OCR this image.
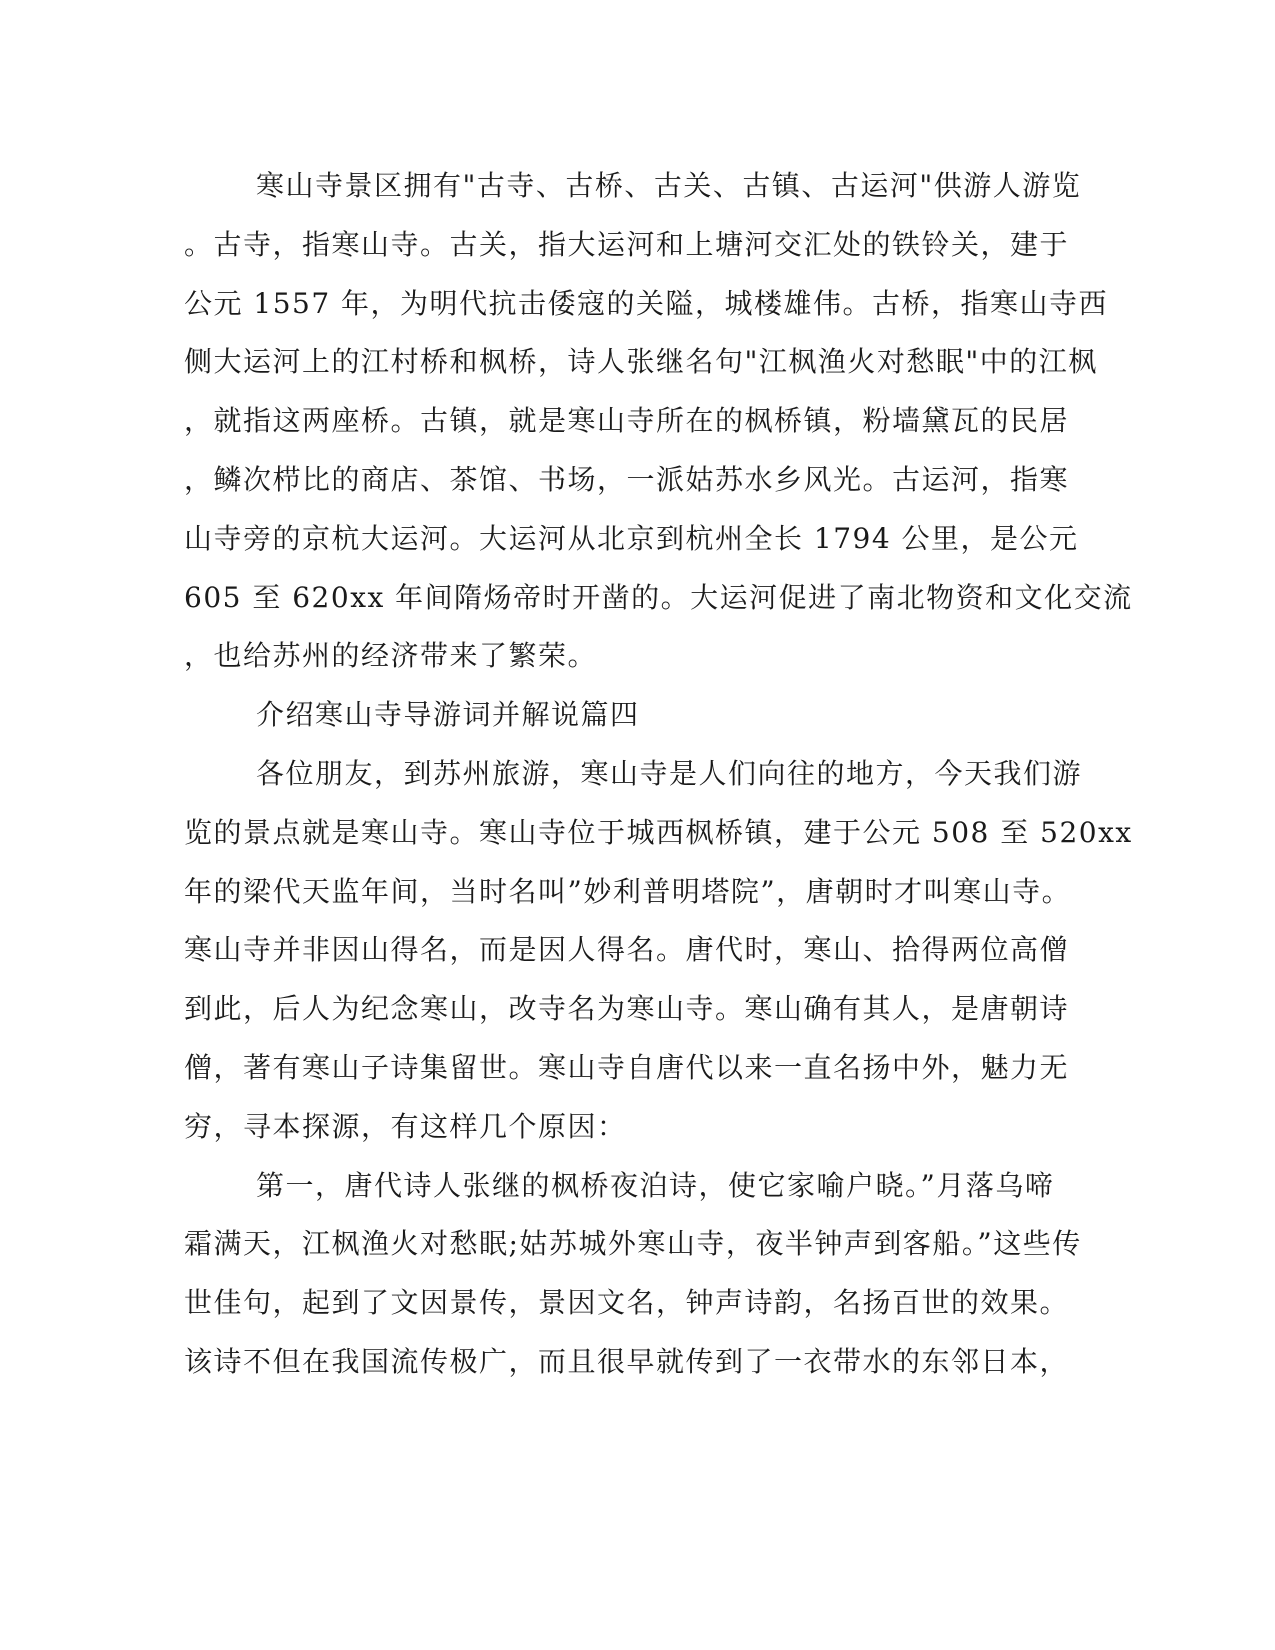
寒山寺景区拥有"古寺、古桥、古关、古镇、古运河"供游人游览
。古寺，指寒山寺。古关，指大运河和上塘河交汇处的铁铃关，建于
公元 1557 年，为明代抗击倭寇的关隘，城楼雄伟。古桥，指寒山寺西
侧大运河上的江村桥和枫桥，诗人张继名句"江枫渔火对愁眠"中的江枫
，就指这两座桥。古镇，就是寒山寺所在的枫桥镇，粉墙黛瓦的民居
，鳞次栉比的商店、茶馆、书场，一派姑苏水乡风光。古运河，指寒
山寺旁的京杭大运河。大运河从北京到杭州全长 1794 公里，是公元
605 至 620xx 年间隋炀帝时开凿的。大运河促进了南北物资和文化交流
，也给苏州的经济带来了繁荣。
介绍寒山寺导游词并解说篇四
各位朋友，到苏州旅游，寒山寺是人们向往的地方，今天我们游
览的景点就是寒山寺。寒山寺位于城西枫桥镇，建于公元 508 至 520xx
年的梁代天监年间，当时名叫”妙利普明塔院”，唐朝时才叫寒山寺。
寒山寺并非因山得名，而是因人得名。唐代时，寒山、拾得两位高僧
到此，后人为纪念寒山，改寺名为寒山寺。寒山确有其人，是唐朝诗
僧，著有寒山子诗集留世。寒山寺自唐代以来一直名扬中外，魅力无
穷，寻本探源，有这样几个原因：
第一，唐代诗人张继的枫桥夜泊诗，使它家喻户晓。”月落乌啼
霜满天，江枫渔火对愁眠;姑苏城外寒山寺，夜半钟声到客船。”这些传
世佳句，起到了文因景传，景因文名，钟声诗韵，名扬百世的效果。
该诗不但在我国流传极广，而且很早就传到了一衣带水的东邻日本，
